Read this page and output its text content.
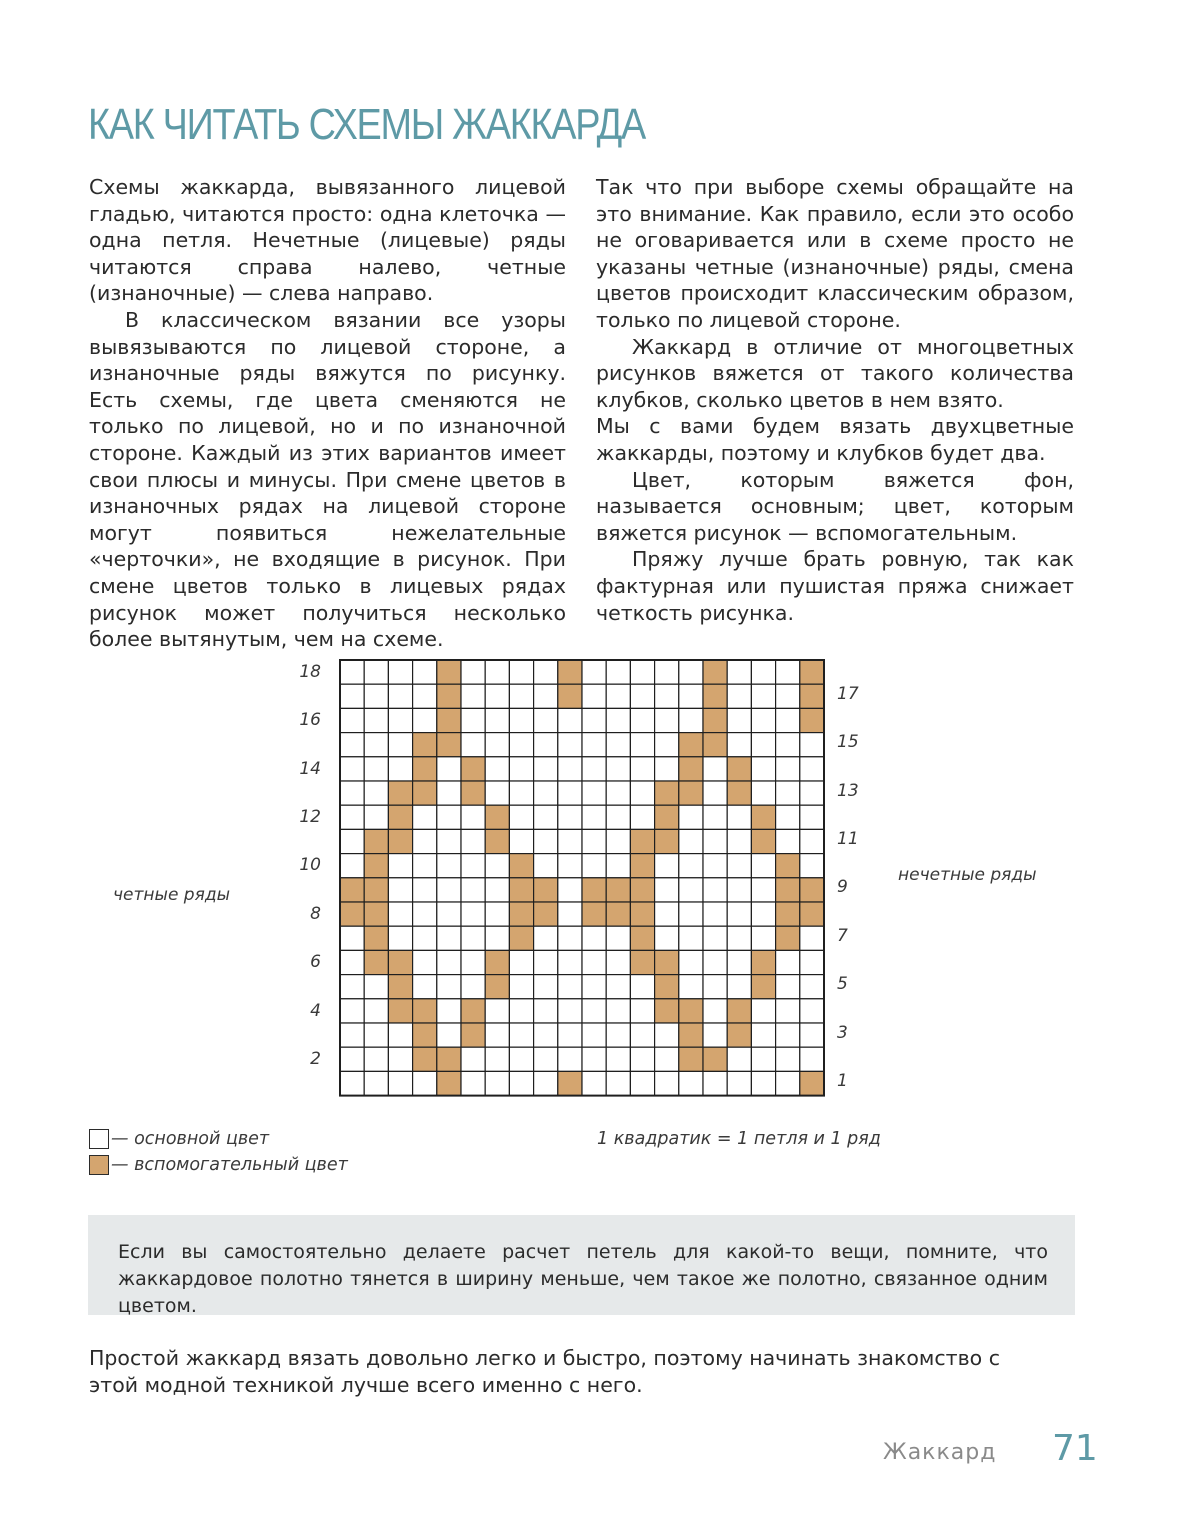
КАК ЧИТАТЬ СХЕМЫ ЖАККАРДА

Схемы жаккарда, вывязанного лицевой гладью, читаются просто: одна клеточка — одна петля. Нечетные (лицевые) ряды читаются справа налево, четные (изнаночные) — слева направо.

В классическом вязании все узоры вывязываются по лицевой стороне, а изнаночные ряды вяжутся по рисунку. Есть схемы, где цвета сменяются не только по лицевой, но и по изнаночной стороне. Каждый из этих вариантов имеет свои плюсы и минусы. При смене цветов в изнаночных рядах на лицевой стороне могут появиться нежелательные «черточки», не входящие в рисунок. При смене цветов только в лицевых рядах рисунок может получиться несколько более вытянутым, чем на схеме.

Так что при выборе схемы обращайте на это внимание. Как правило, если это особо не оговаривается или в схеме просто не указаны четные (изнаночные) ряды, смена цветов происходит классическим образом, только по лицевой стороне.

Жаккард в отличие от многоцветных рисунков вяжется от такого количества клубков, сколько цветов в нем взято.

Мы с вами будем вязать двухцветные жаккарды, поэтому и клубков будет два.

Цвет, которым вяжется фон, называется основным; цвет, которым вяжется рисунок — вспомогательным.

Пряжу лучше брать ровную, так как фактурная или пушистая пряжа снижает четкость рисунка.

18
16
14
12
10
8
6
4
2
17
15
13
11
9
7
5
3
1
четные ряды
нечетные ряды
— основной цвет
— вспомогательный цвет
1 квадратик = 1 петля и 1 ряд

Если вы самостоятельно делаете расчет петель для какой-то вещи, помните, что жаккардовое полотно тянется в ширину меньше, чем такое же полотно, связанное одним цветом.

Простой жаккард вязать довольно легко и быстро, поэтому начинать знакомство с этой модной техникой лучше всего именно с него.

Жаккард 71
